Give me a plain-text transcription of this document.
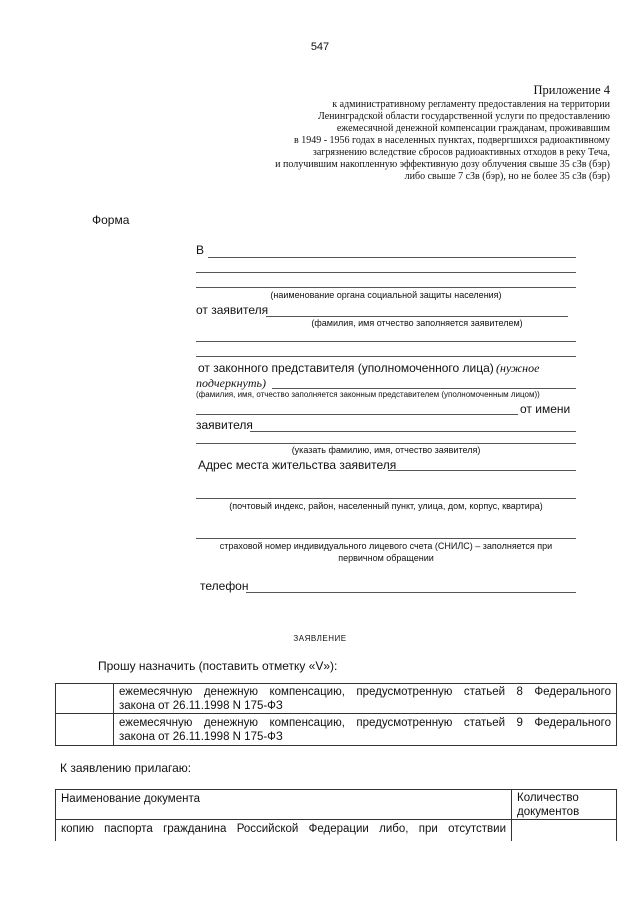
547
Приложение 4
к административному регламенту предоставления на территории
Ленинградской области государственной услуги по предоставлению
ежемесячной денежной компенсации гражданам, проживавшим
в 1949 - 1956 годах в населенных пунктах, подвергшихся радиоактивному
загрязнению вследствие сбросов радиоактивных отходов в реку Теча,
и получившим накопленную эффективную дозу облучения свыше 35 сЗв (бэр)
либо свыше 7 сЗв (бэр), но не более 35 сЗв (бэр)
Форма
В
(наименование органа социальной защиты населения)
от заявителя
(фамилия, имя отчество заполняется заявителем)
от законного представителя (уполномоченного лица) (нужное
подчеркнуть)
(фамилия, имя, отчество заполняется законным представителем (уполномоченным лицом))
от имени
заявителя
(указать фамилию, имя, отчество заявителя)
Адрес места жительства заявителя
(почтовый индекс, район, населенный пункт, улица, дом, корпус, квартира)
страховой номер индивидуального лицевого счета (СНИЛС) – заполняется при
первичном обращении
телефон
ЗАЯВЛЕНИЕ
Прошу назначить (поставить отметку «V»):
ежемесячную денежную компенсацию, предусмотренную статьей 8 Федерального
закона от 26.11.1998 N 175-ФЗ
ежемесячную денежную компенсацию, предусмотренную статьей 9 Федерального
закона от 26.11.1998 N 175-ФЗ
К заявлению прилагаю:
Наименование документа	Количество
документов
копию паспорта гражданина Российской Федерации либо, при отсутствии
